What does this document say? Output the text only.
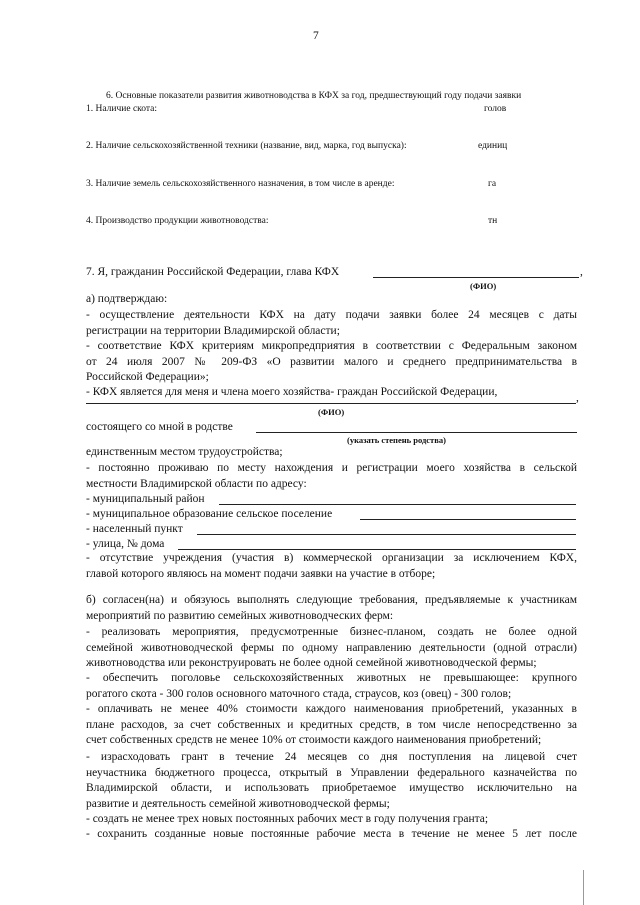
7
6. Основные показатели развития животноводства в КФХ за год, предшествующий году подачи заявки
1. Наличие скота:	голов
2. Наличие сельскохозяйственной техники (название, вид, марка, год выпуска):	единиц
3. Наличие земель сельскохозяйственного назначения, в том числе в аренде:	га
4. Производство продукции животноводства:	тн
7. Я, гражданин Российской Федерации, глава КФХ	,
(ФИО)
а) подтверждаю:

- осуществление деятельности КФХ на дату подачи заявки более 24 месяцев с даты

регистрации на территории Владимирской области;

- соответствие КФХ критериям микропредприятия в соответствии с Федеральным законом

от 24 июля 2007 № 209-ФЗ «О развитии малого и среднего предпринимательства в

Российской Федерации»;

- КФХ является для меня и члена моего хозяйства- граждан Российской Федерации,	,
(ФИО)
состоящего со мной в родстве
(указать степень родства)
единственным местом трудоустройства;

- постоянно проживаю по месту нахождения и регистрации моего хозяйства в сельской

местности Владимирской области по адресу:

- муниципальный район
- муниципальное образование сельское поселение
- населенный пункт
- улица, № дома

- отсутствие учреждения (участия в) коммерческой организации за исключением КФХ,

главой которого являюсь на момент подачи заявки на участие в отборе;

б) согласен(на) и обязуюсь выполнять следующие требования, предъявляемые к участникам

мероприятий по развитию семейных животноводческих ферм:

- реализовать мероприятия, предусмотренные бизнес-планом, создать не более одной

семейной животноводческой фермы по одному направлению деятельности (одной отрасли)

животноводства или реконструировать не более одной семейной животноводческой фермы;

- обеспечить поголовье сельскохозяйственных животных не превышающее: крупного

рогатого скота - 300 голов основного маточного стада, страусов, коз (овец) - 300 голов;

- оплачивать не менее 40% стоимости каждого наименования приобретений, указанных в

плане расходов, за счет собственных и кредитных средств, в том числе непосредственно за

счет собственных средств не менее 10% от стоимости каждого наименования приобретений;

- израсходовать грант в течение 24 месяцев со дня поступления на лицевой счет

неучастника бюджетного процесса, открытый в Управлении федерального казначейства по

Владимирской области, и использовать приобретаемое имущество исключительно на

развитие и деятельность семейной животноводческой фермы;

- создать не менее трех новых постоянных рабочих мест в году получения гранта;

- сохранить созданные новые постоянные рабочие места в течение не менее 5 лет после
